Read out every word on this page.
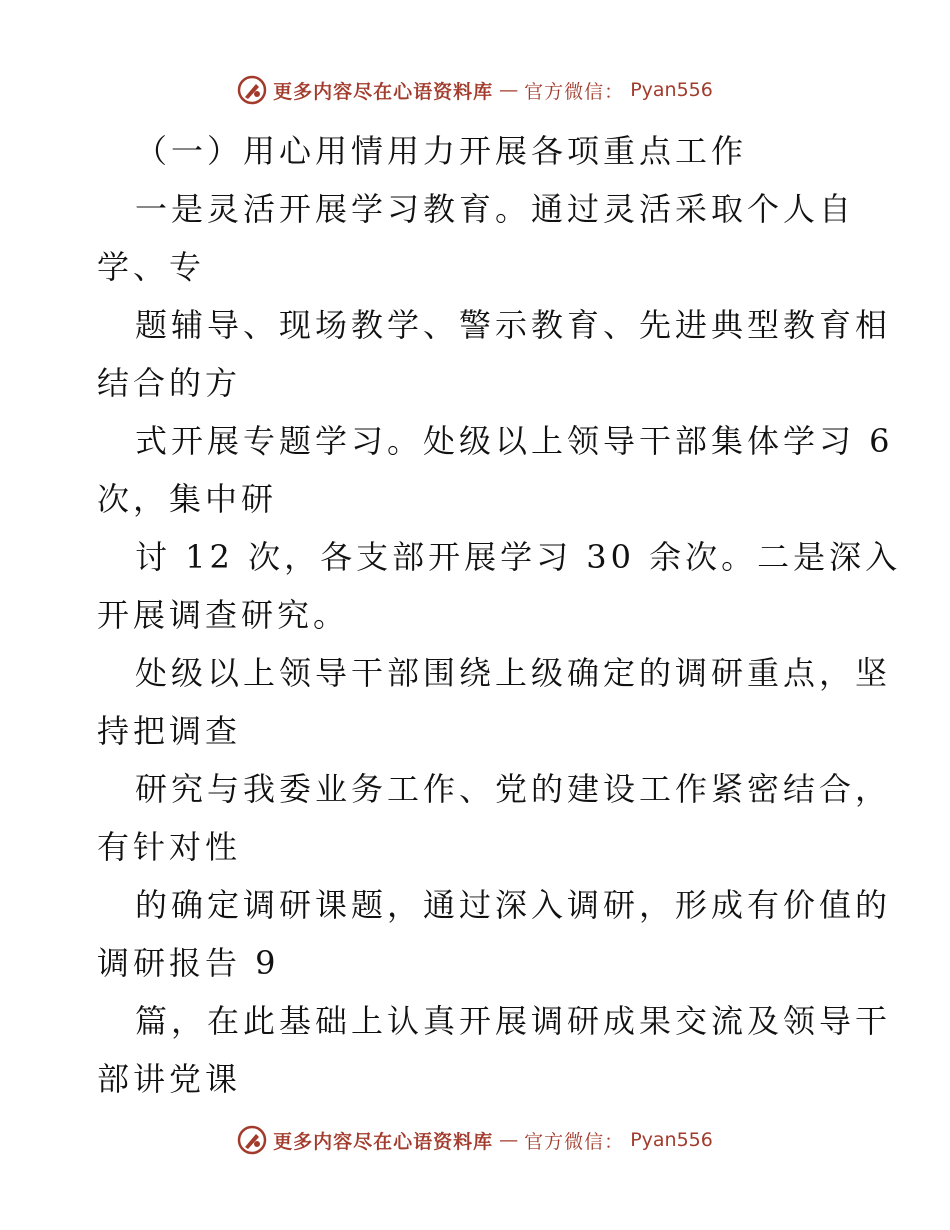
更多内容尽在心语资料库 — 官方微信： Pyan556
（一）用心用情用力开展各项重点工作
一是灵活开展学习教育。通过灵活采取个人自
学、专
题辅导、现场教学、警示教育、先进典型教育相
结合的方
式开展专题学习。处级以上领导干部集体学习 6
次，集中研
讨 12 次，各支部开展学习 30 余次。二是深入
开展调查研究。
处级以上领导干部围绕上级确定的调研重点，坚
持把调查
研究与我委业务工作、党的建设工作紧密结合，
有针对性
的确定调研课题，通过深入调研，形成有价值的
调研报告 9
篇，在此基础上认真开展调研成果交流及领导干
部讲党课
更多内容尽在心语资料库 — 官方微信： Pyan556
